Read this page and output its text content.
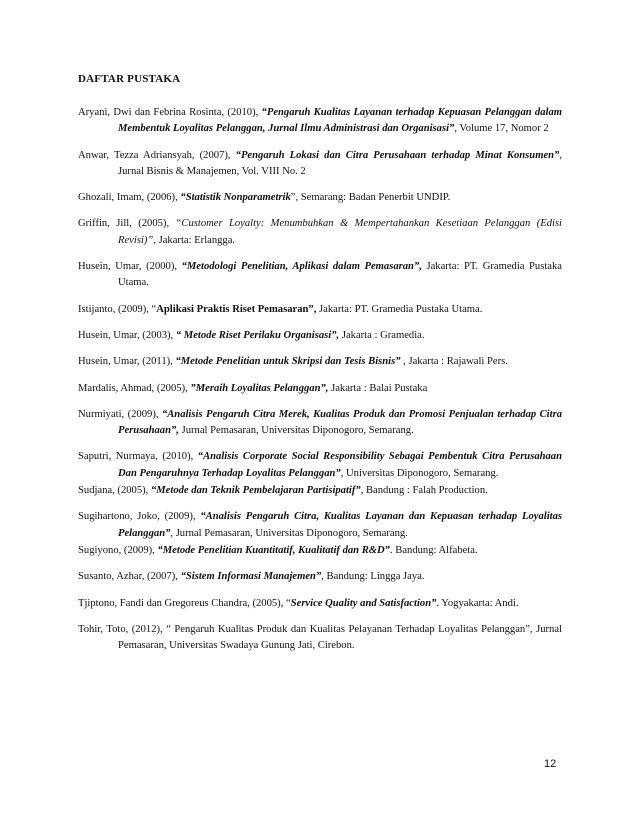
DAFTAR PUSTAKA
Aryani, Dwi dan Febrina Rosinta, (2010), “Pengaruh Kualitas Layanan terhadap Kepuasan Pelanggan dalam Membentuk Loyalitas Pelanggan, Jurnal Ilmu Administrasi dan Organisasi”, Volume 17, Nomor 2
Anwar, Tezza Adriansyah, (2007), “Pengaruh Lokasi dan Citra Perusahaan terhadap Minat Konsumen”, Jurnal Bisnis & Manajemen, Vol. VIII No. 2
Ghozali, Imam, (2006), “Statistik Nonparametrik”, Semarang: Badan Penerbit UNDIP.
Griffin, Jill, (2005), “Customer Loyalty: Menumbuhkan & Mempertahankan Kesetiaan Pelanggan (Edisi Revisi)”, Jakarta: Erlangga.
Husein, Umar, (2000), “Metodologi Penelitian, Aplikasi dalam Pemasaran”, Jakarta: PT. Gramedia Pustaka Utama.
Istijanto, (2009), “Aplikasi Praktis Riset Pemasaran”, Jakarta: PT. Gramedia Pustaka Utama.
Husein, Umar, (2003), “ Metode Riset Perilaku Organisasi”, Jakarta : Gramedia.
Husein, Umar, (2011), “Metode Penelitian untuk Skripsi dan Tesis Bisnis” , Jakarta : Rajawali Pers.
Mardalis, Ahmad, (2005), ”Meraih Loyalitas Pelanggan”, Jakarta : Balai Pustaka
Nurmiyati, (2009), “Analisis Pengaruh Citra Merek, Kualitas Produk dan Promosi Penjualan terhadap Citra Perusahaan”, Jurnal Pemasaran, Universitas Diponogoro, Semarang.
Saputri, Nurmaya, (2010), “Analisis Corporate Social Responsibility Sebagai Pembentuk Citra Perusahaan Dan Pengaruhnya Terhadap Loyalitas Pelanggan”, Universitas Diponogoro, Semarang.
Sudjana, (2005), “Metode dan Teknik Pembelajaran Partisipatif”, Bandung : Falah Production.
Sugihartono, Joko, (2009), “Analisis Pengaruh Citra, Kualitas Layanan dan Kepuasan terhadap Loyalitas Pelanggan”, Jurnal Pemasaran, Universitas Diponogoro, Semarang.
Sugiyono, (2009), “Metode Penelitian Kuantitatif, Kualitatif dan R&D”. Bandung: Alfabeta.
Susanto, Azhar, (2007), “Sistem Informasi Manajemen”, Bandung: Lingga Jaya.
Tjiptono, Fandi dan Gregoreus Chandra, (2005), “Service Quality and Satisfaction”. Yogyakarta: Andi.
Tohir, Toto, (2012), “ Pengaruh Kualitas Produk dan Kualitas Pelayanan Terhadap Loyalitas Pelanggan”, Jurnal Pemasaran, Universitas Swadaya Gunung Jati, Cirebon.
12
